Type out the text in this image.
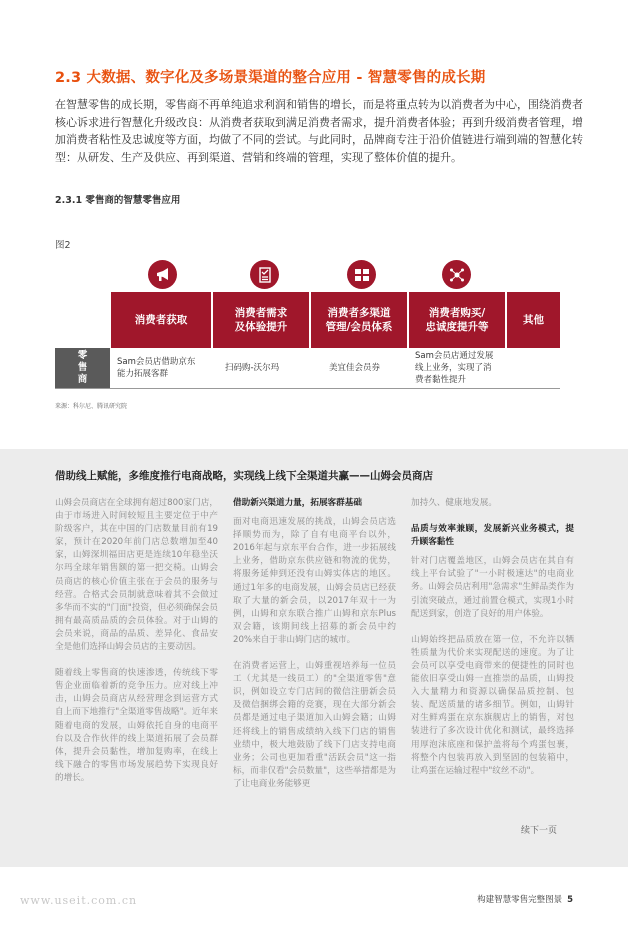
2.3 大数据、数字化及多场景渠道的整合应用 - 智慧零售的成长期
在智慧零售的成长期，零售商不再单纯追求利润和销售的增长，而是将重点转为以消费者为中心，围绕消费者核心诉求进行智慧化升级改良：从消费者获取到满足消费者需求，提升消费者体验；再到升级消费者管理，增加消费者粘性及忠诚度等方面，均做了不同的尝试。与此同时，品牌商专注于沿价值链进行端到端的智慧化转型：从研发、生产及供应、再到渠道、营销和终端的管理，实现了整体价值的提升。
2.3.1 零售商的智慧零售应用
图2
消费者获取
消费者需求
及体验提升
消费者多渠道
管理/会员体系
消费者购买/
忠诚度提升等
其他
零
售
商
Sam会员店借助京东
能力拓展客群
扫码购-沃尔玛	美宜佳会员券
Sam会员店通过发展
线上业务，实现了消
费者黏性提升
来源：科尔尼、腾讯研究院
借助线上赋能，多维度推行电商战略，实现线上线下全渠道共赢——山姆会员商店

山姆会员商店在全球拥有超过800家门店，由于市场进入时间较短且主要定位于中产阶级客户，其在中国的门店数量目前有19家，预计在2020年前门店总数增加至40家，山姆深圳福田店更是连续10年稳坐沃尔玛全球年销售额的第一把交椅。山姆会员商店的核心价值主张在于会员的服务与经营。合格式会员制就意味着其不会做过多华而不实的"门面"投资，但必须确保会员拥有最高质品质的会员体验。对于山姆的会员来说，商品的品质、差异化、食品安全是他们选择山姆会员店的主要动因。

随着线上零售商的快速渗透，传统线下零售企业面临着新的竞争压力。应对线上冲击，山姆会员商店从经营理念到运营方式自上而下地推行"全渠道零售战略"。近年来随着电商的发展，山姆依托自身的电商平台以及合作伙伴的线上渠道拓展了会员群体，提升会员黏性，增加复购率，在线上线下融合的零售市场发展趋势下实现良好的增长。

借助新兴渠道力量，拓展客群基础

面对电商迅速发展的挑战，山姆会员店选择顺势而为，除了自有电商平台以外，2016年起与京东平台合作，进一步拓展线上业务，借助京东供应链和物流的优势，将服务延伸到还没有山姆实体店的地区。通过1年多的电商发展，山姆会员店已经获取了大量的新会员，以2017年双十一为例，山姆和京东联合推广山姆和京东Plus双会籍，该期间线上招募的新会员中约20%来自于非山姆门店的城市。

在消费者运营上，山姆重视培养每一位员工（尤其是一线员工）的"全渠道零售"意识，例如设立专门店间的微信注册新会员及微信捆绑会籍的竞赛，现在大部分新会员都是通过电子渠道加入山姆会籍；山姆还将线上的销售成绩纳入线下门店的销售业绩中，极大地鼓励了线下门店支持电商业务；公司也更加看重"活跃会员"这一指标，而非仅看"会员数量"，这些举措都是为了让电商业务能够更

加持久、健康地发展。

品质与效率兼顾，发展新兴业务模式，提升顾客黏性

针对门店覆盖地区，山姆会员店在其自有线上平台试验了"一小时极速达"的电商业务。山姆会员店利用"急需求"生鲜品类作为引流突破点，通过前置仓模式，实现1小时配送到家，创造了良好的用户体验。

山姆始终把品质放在第一位，不允许以牺牲质量为代价来实现配送的速度。为了让会员可以享受电商带来的便捷性的同时也能依旧享受山姆一直推崇的品质，山姆投入大量精力和资源以确保品质控制、包装、配送质量的诸多细节。例如，山姆针对生鲜鸡蛋在京东旗舰店上的销售，对包装进行了多次设计优化和测试，最终选择用厚泡沫底座和保护盖将每个鸡蛋包裹，将整个内包装再放入到坚固的包装箱中，让鸡蛋在运输过程中"纹丝不动"。

续下一页
www.useit.com.cn	构建智慧零售完整图景 5
